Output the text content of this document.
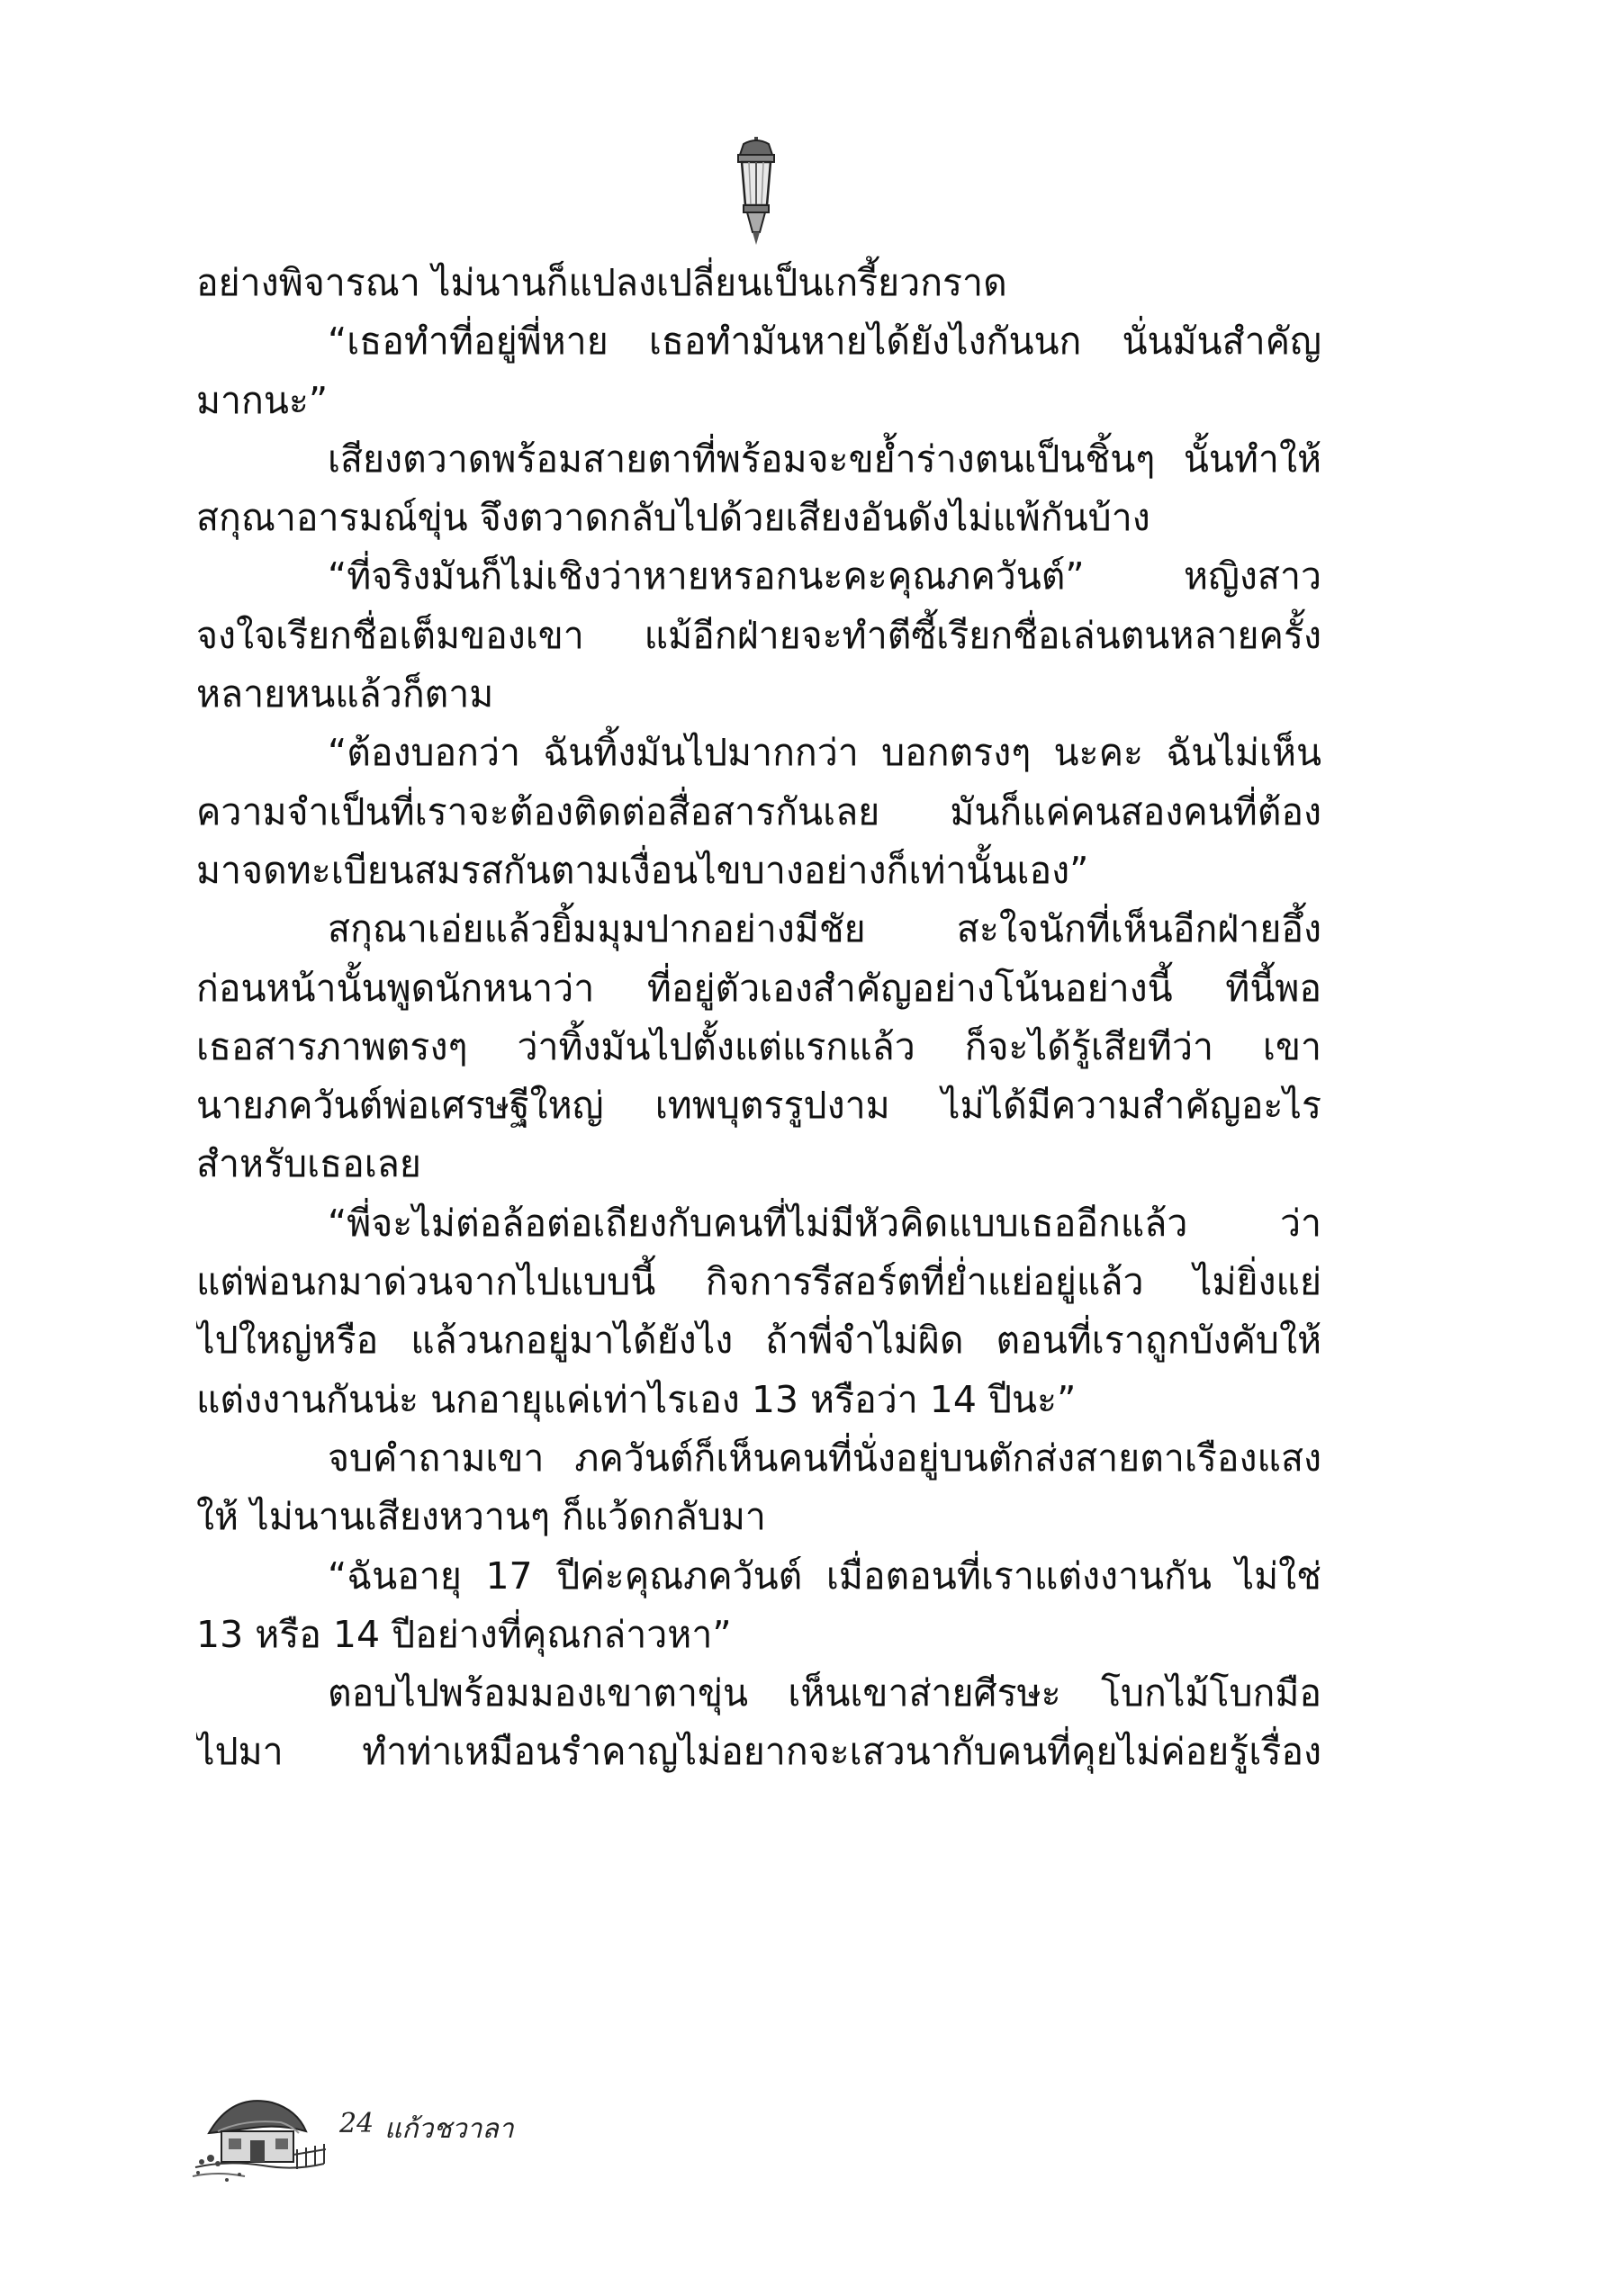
อย่างพิจารณา ไม่นานก็แปลงเปลี่ยนเป็นเกรี้ยวกราด
“เธอทำที่อยู่พี่หาย เธอทำมันหายได้ยังไงกันนก นั่นมันสำคัญ
มากนะ”
เสียงตวาดพร้อมสายตาที่พร้อมจะขย้ำร่างตนเป็นชิ้นๆ นั้นทำให้
สกุณาอารมณ์ขุ่น จึงตวาดกลับไปด้วยเสียงอันดังไม่แพ้กันบ้าง
“ที่จริงมันก็ไม่เชิงว่าหายหรอกนะคะคุณภควันต์” หญิงสาว
จงใจเรียกชื่อเต็มของเขา แม้อีกฝ่ายจะทำตีซี้เรียกชื่อเล่นตนหลายครั้ง
หลายหนแล้วก็ตาม
“ต้องบอกว่า ฉันทิ้งมันไปมากกว่า บอกตรงๆ นะคะ ฉันไม่เห็น
ความจำเป็นที่เราจะต้องติดต่อสื่อสารกันเลย มันก็แค่คนสองคนที่ต้อง
มาจดทะเบียนสมรสกันตามเงื่อนไขบางอย่างก็เท่านั้นเอง”
สกุณาเอ่ยแล้วยิ้มมุมปากอย่างมีชัย สะใจนักที่เห็นอีกฝ่ายอึ้ง
ก่อนหน้านั้นพูดนักหนาว่า ที่อยู่ตัวเองสำคัญอย่างโน้นอย่างนี้ ทีนี้พอ
เธอสารภาพตรงๆ ว่าทิ้งมันไปตั้งแต่แรกแล้ว ก็จะได้รู้เสียทีว่า เขา
นายภควันต์พ่อเศรษฐีใหญ่ เทพบุตรรูปงาม ไม่ได้มีความสำคัญอะไร
สำหรับเธอเลย
“พี่จะไม่ต่อล้อต่อเถียงกับคนที่ไม่มีหัวคิดแบบเธออีกแล้ว ว่า
แต่พ่อนกมาด่วนจากไปแบบนี้ กิจการรีสอร์ตที่ย่ำแย่อยู่แล้ว ไม่ยิ่งแย่
ไปใหญ่หรือ แล้วนกอยู่มาได้ยังไง ถ้าพี่จำไม่ผิด ตอนที่เราถูกบังคับให้
แต่งงานกันน่ะ นกอายุแค่เท่าไรเอง 13 หรือว่า 14 ปีนะ”
จบคำถามเขา ภควันต์ก็เห็นคนที่นั่งอยู่บนตักส่งสายตาเรืองแสง
ให้ ไม่นานเสียงหวานๆ ก็แว้ดกลับมา
“ฉันอายุ 17 ปีค่ะคุณภควันต์ เมื่อตอนที่เราแต่งงานกัน ไม่ใช่
13 หรือ 14 ปีอย่างที่คุณกล่าวหา”
ตอบไปพร้อมมองเขาตาขุ่น เห็นเขาส่ายศีรษะ โบกไม้โบกมือ
ไปมา ทำท่าเหมือนรำคาญไม่อยากจะเสวนากับคนที่คุยไม่ค่อยรู้เรื่อง
24 แก้วชวาลา
